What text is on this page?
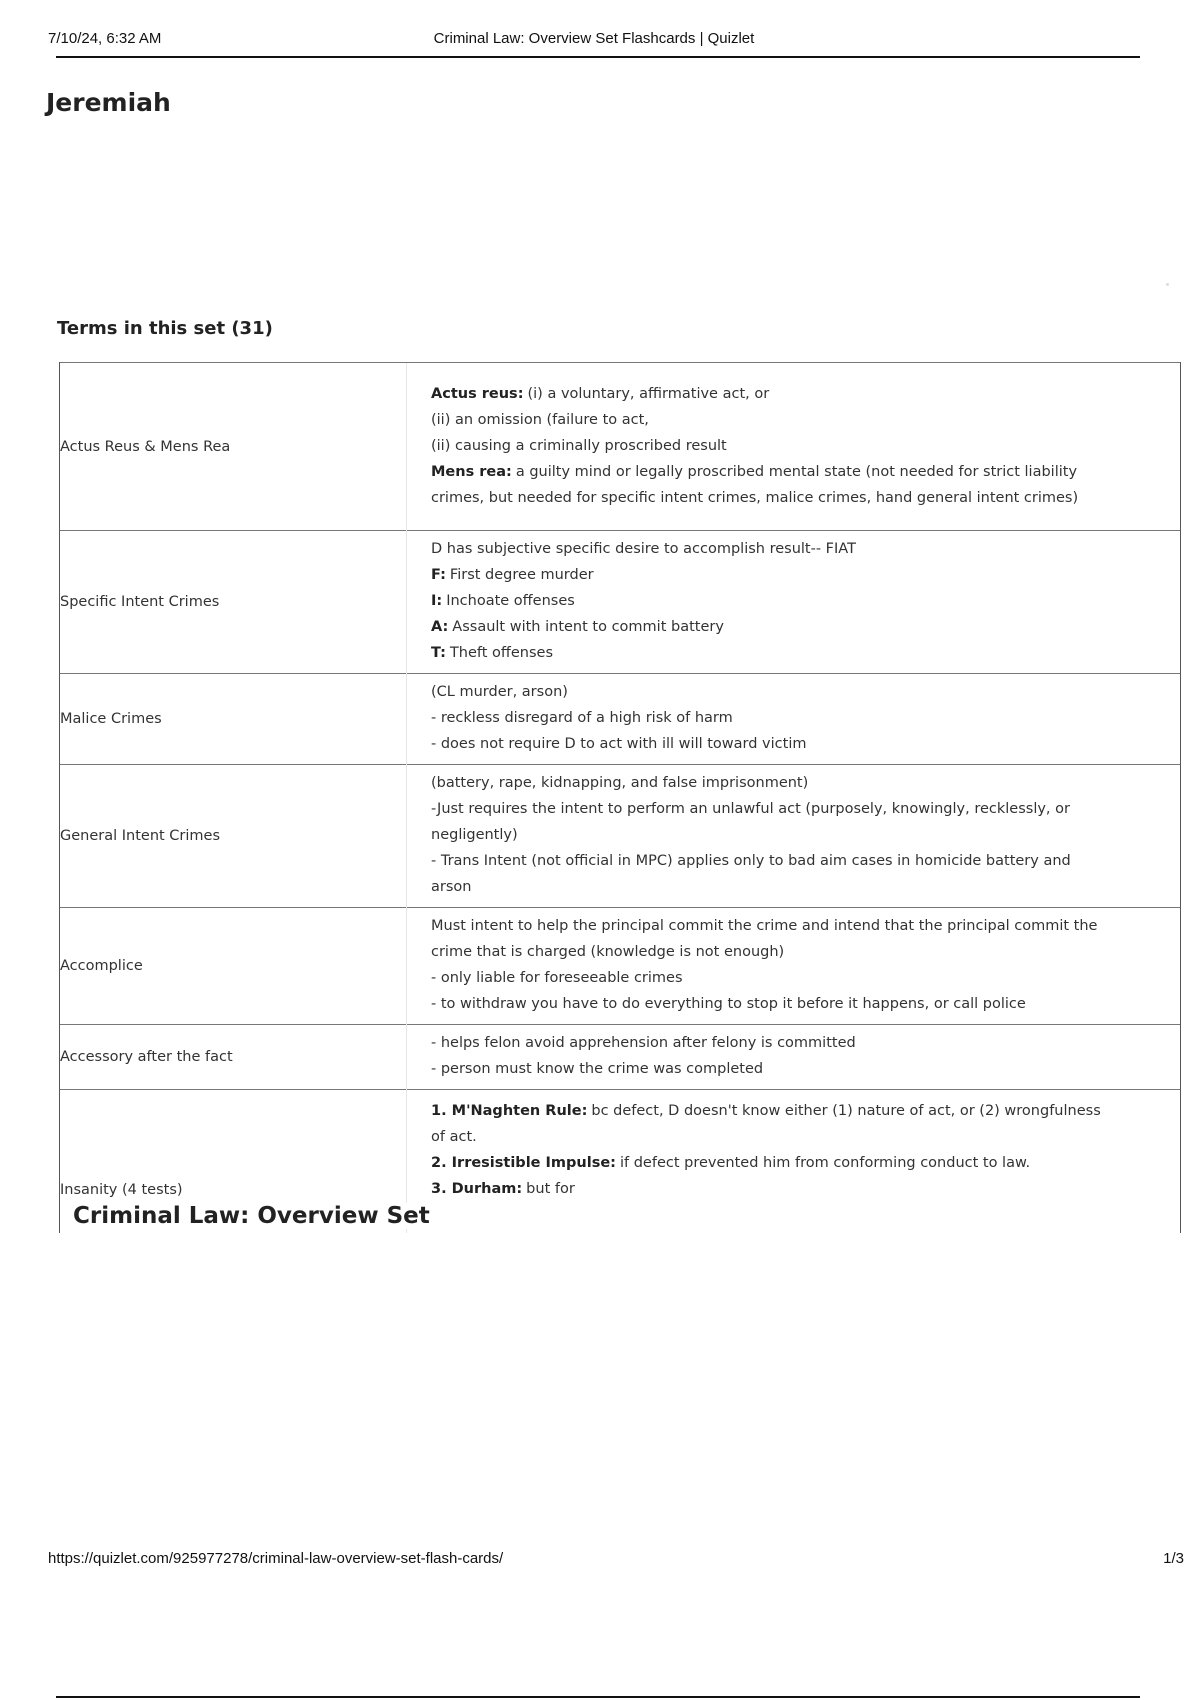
7/10/24, 6:32 AM	Criminal Law: Overview Set Flashcards | Quizlet
Jeremiah
Terms in this set (31)
Actus Reus & Mens Rea	Actus reus: (i) a voluntary, affirmative act, or
(ii) an omission (failure to act,
(ii) causing a criminally proscribed result
Mens rea: a guilty mind or legally proscribed mental state (not needed for strict liability crimes, but needed for specific intent crimes, malice crimes, hand general intent crimes)

Specific Intent Crimes	D has subjective specific desire to accomplish result-- FIAT
F: First degree murder
I: Inchoate offenses
A: Assault with intent to commit battery
T: Theft offenses

Malice Crimes	(CL murder, arson)
- reckless disregard of a high risk of harm
- does not require D to act with ill will toward victim

General Intent Crimes	(battery, rape, kidnapping, and false imprisonment)
-Just requires the intent to perform an unlawful act (purposely, knowingly, recklessly, or negligently)
- Trans Intent (not official in MPC) applies only to bad aim cases in homicide battery and arson

Accomplice	Must intent to help the principal commit the crime and intend that the principal commit the crime that is charged (knowledge is not enough)
- only liable for foreseeable crimes
- to withdraw you have to do everything to stop it before it happens, or call police

Accessory after the fact	- helps felon avoid apprehension after felony is committed
- person must know the crime was completed

Insanity (4 tests)	1. M'Naghten Rule: bc defect, D doesn't know either (1) nature of act, or (2) wrongfulness of act.
2. Irresistible Impulse: if defect prevented him from conforming conduct to law.
3. Durham: but for
Criminal Law: Overview Set
https://quizlet.com/925977278/criminal-law-overview-set-flash-cards/	1/3
